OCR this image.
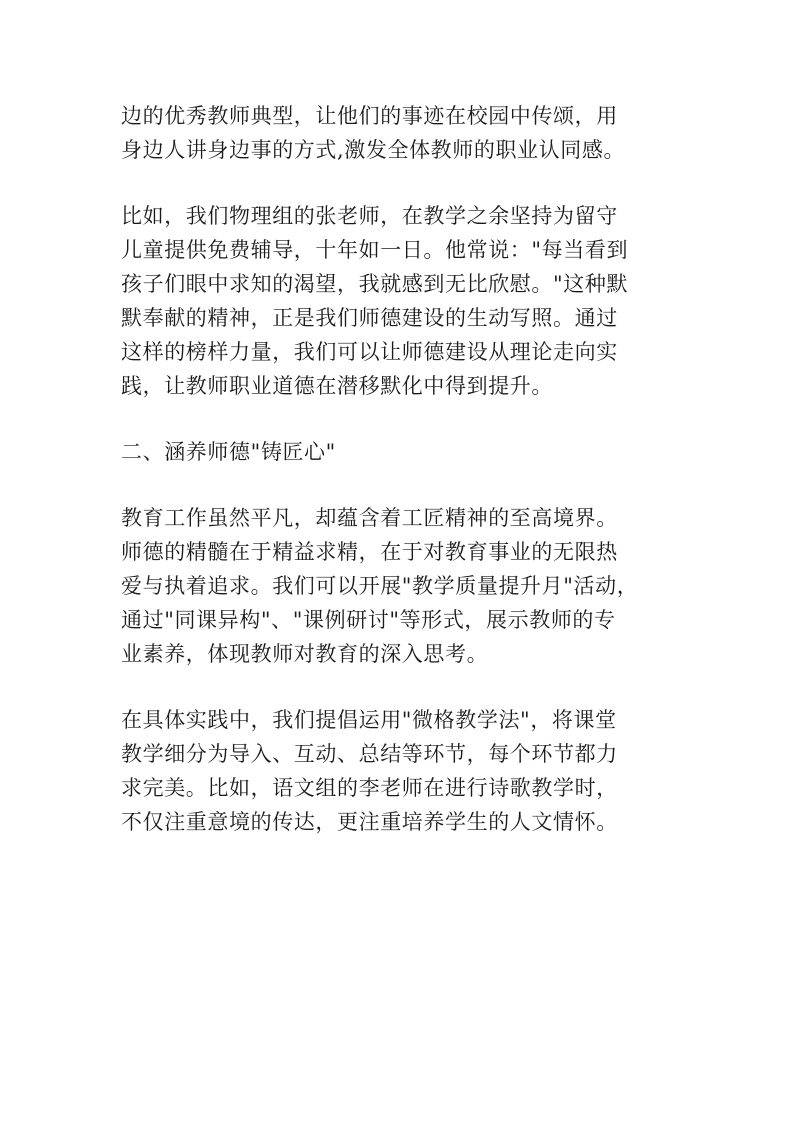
边的优秀教师典型，让他们的事迹在校园中传颂，用
身边人讲身边事的方式,激发全体教师的职业认同感。
比如，我们物理组的张老师，在教学之余坚持为留守
儿童提供免费辅导，十年如一日。他常说："每当看到
孩子们眼中求知的渴望，我就感到无比欣慰。"这种默
默奉献的精神，正是我们师德建设的生动写照。通过
这样的榜样力量，我们可以让师德建设从理论走向实
践，让教师职业道德在潜移默化中得到提升。
二、涵养师德"铸匠心"
教育工作虽然平凡，却蕴含着工匠精神的至高境界。
师德的精髓在于精益求精，在于对教育事业的无限热
爱与执着追求。我们可以开展"教学质量提升月"活动，
通过"同课异构"、"课例研讨"等形式，展示教师的专
业素养，体现教师对教育的深入思考。
在具体实践中，我们提倡运用"微格教学法"，将课堂
教学细分为导入、互动、总结等环节，每个环节都力
求完美。比如，语文组的李老师在进行诗歌教学时，
不仅注重意境的传达，更注重培养学生的人文情怀。
